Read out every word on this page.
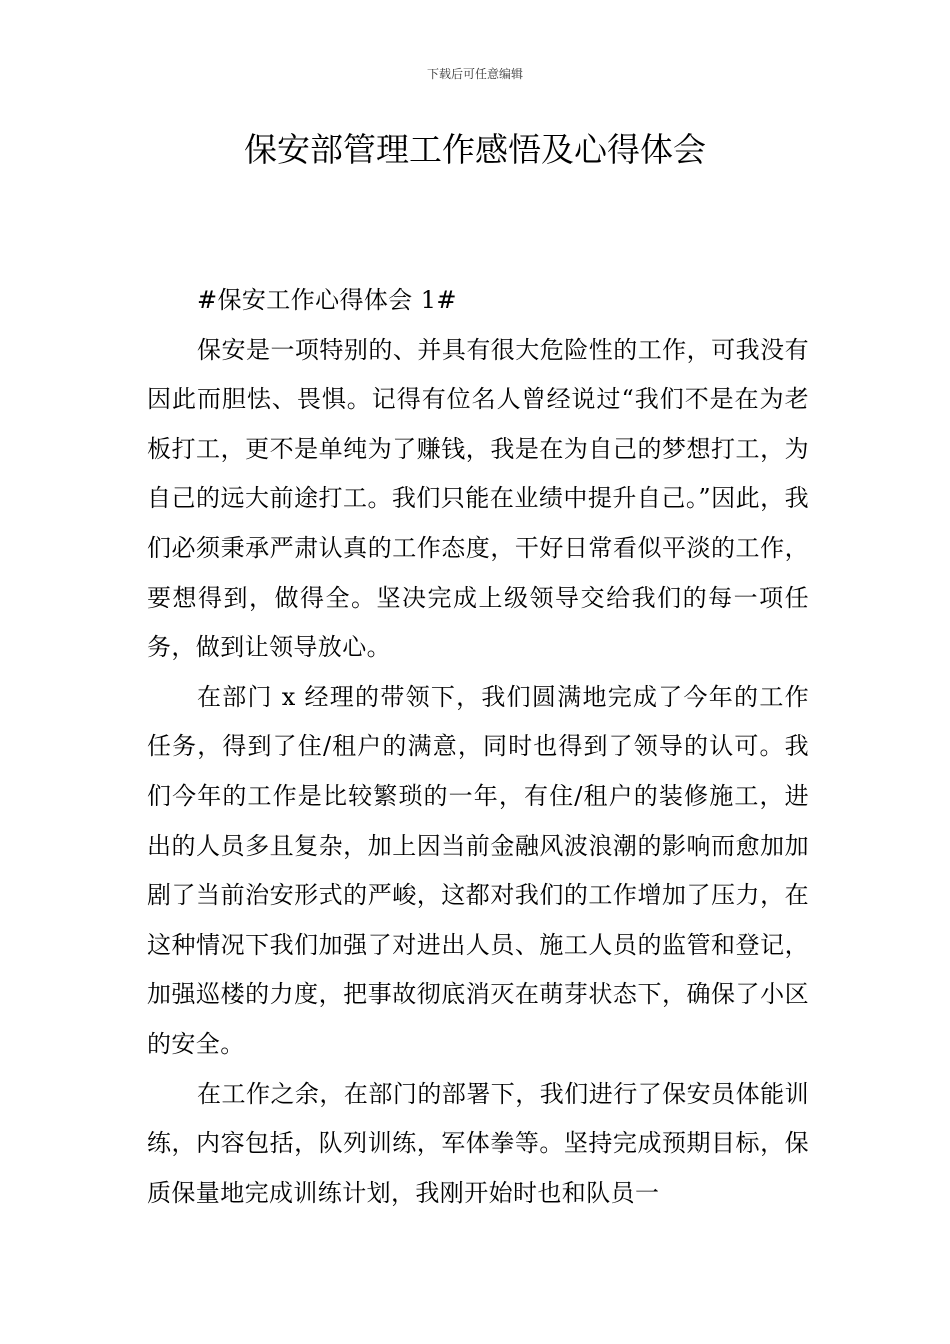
下载后可任意编辑
保安部管理工作感悟及心得体会

#保安工作心得体会 1#

保安是一项特别的、并具有很大危险性的工作，可我没有因此而胆怯、畏惧。记得有位名人曾经说过“我们不是在为老板打工，更不是单纯为了赚钱，我是在为自己的梦想打工，为自己的远大前途打工。我们只能在业绩中提升自己。”因此，我们必须秉承严肃认真的工作态度，干好日常看似平淡的工作，要想得到，做得全。坚决完成上级领导交给我们的每一项任务，做到让领导放心。

在部门 x 经理的带领下，我们圆满地完成了今年的工作任务，得到了住/租户的满意，同时也得到了领导的认可。我们今年的工作是比较繁琐的一年，有住/租户的装修施工，进出的人员多且复杂，加上因当前金融风波浪潮的影响而愈加加剧了当前治安形式的严峻，这都对我们的工作增加了压力，在这种情况下我们加强了对进出人员、施工人员的监管和登记，加强巡楼的力度，把事故彻底消灭在萌芽状态下，确保了小区的安全。

在工作之余，在部门的部署下，我们进行了保安员体能训练，内容包括，队列训练，军体拳等。坚持完成预期目标，保质保量地完成训练计划，我刚开始时也和队员一
